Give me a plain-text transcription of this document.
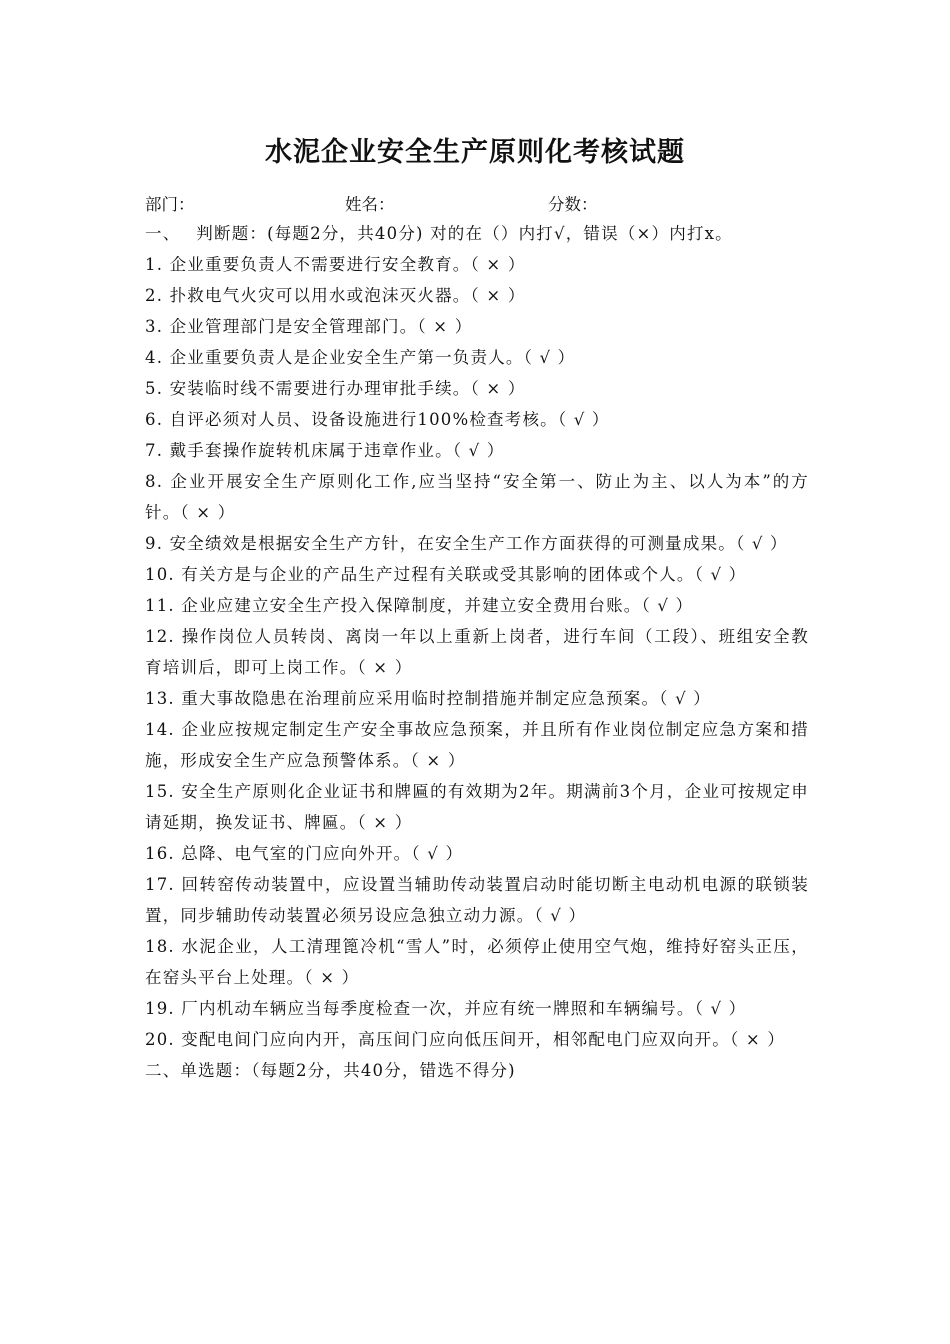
水泥企业安全生产原则化考核试题
部门：	姓名：	分数：

一、　 判断题：(每题2分，共40分) 对的在（）内打√，错误（×）内打x。

1. 企业重要负责人不需要进行安全教育。（ × ）

2. 扑救电气火灾可以用水或泡沫灭火器。（ × ）

3. 企业管理部门是安全管理部门。（ × ）

4. 企业重要负责人是企业安全生产第一负责人。（ √ ）

5. 安装临时线不需要进行办理审批手续。（ × ）

6. 自评必须对人员、设备设施进行100%检查考核。（ √ ）

7. 戴手套操作旋转机床属于违章作业。（ √ ）

8. 企业开展安全生产原则化工作,应当坚持“安全第一、防止为主、以人为本”的方针。（ × ）

9. 安全绩效是根据安全生产方针，在安全生产工作方面获得的可测量成果。（ √ ）

10. 有关方是与企业的产品生产过程有关联或受其影响的团体或个人。（ √ ）

11. 企业应建立安全生产投入保障制度，并建立安全费用台账。（ √ ）

12. 操作岗位人员转岗、离岗一年以上重新上岗者，进行车间（工段）、班组安全教育培训后，即可上岗工作。（ × ）

13. 重大事故隐患在治理前应采用临时控制措施并制定应急预案。（ √ ）

14. 企业应按规定制定生产安全事故应急预案，并且所有作业岗位制定应急方案和措施，形成安全生产应急预警体系。（ × ）

15. 安全生产原则化企业证书和牌匾的有效期为2年。期满前3个月，企业可按规定申请延期，换发证书、牌匾。（ × ）

16. 总降、电气室的门应向外开。（ √ ）

17. 回转窑传动装置中，应设置当辅助传动装置启动时能切断主电动机电源的联锁装置，同步辅助传动装置必须另设应急独立动力源。（ √ ）

18. 水泥企业，人工清理篦冷机“雪人”时，必须停止使用空气炮，维持好窑头正压，在窑头平台上处理。（ × ）

19. 厂内机动车辆应当每季度检查一次，并应有统一牌照和车辆编号。（ √ ）

20. 变配电间门应向内开，高压间门应向低压间开，相邻配电门应双向开。（ × ）

二、单选题：（每题2分，共40分，错选不得分)
